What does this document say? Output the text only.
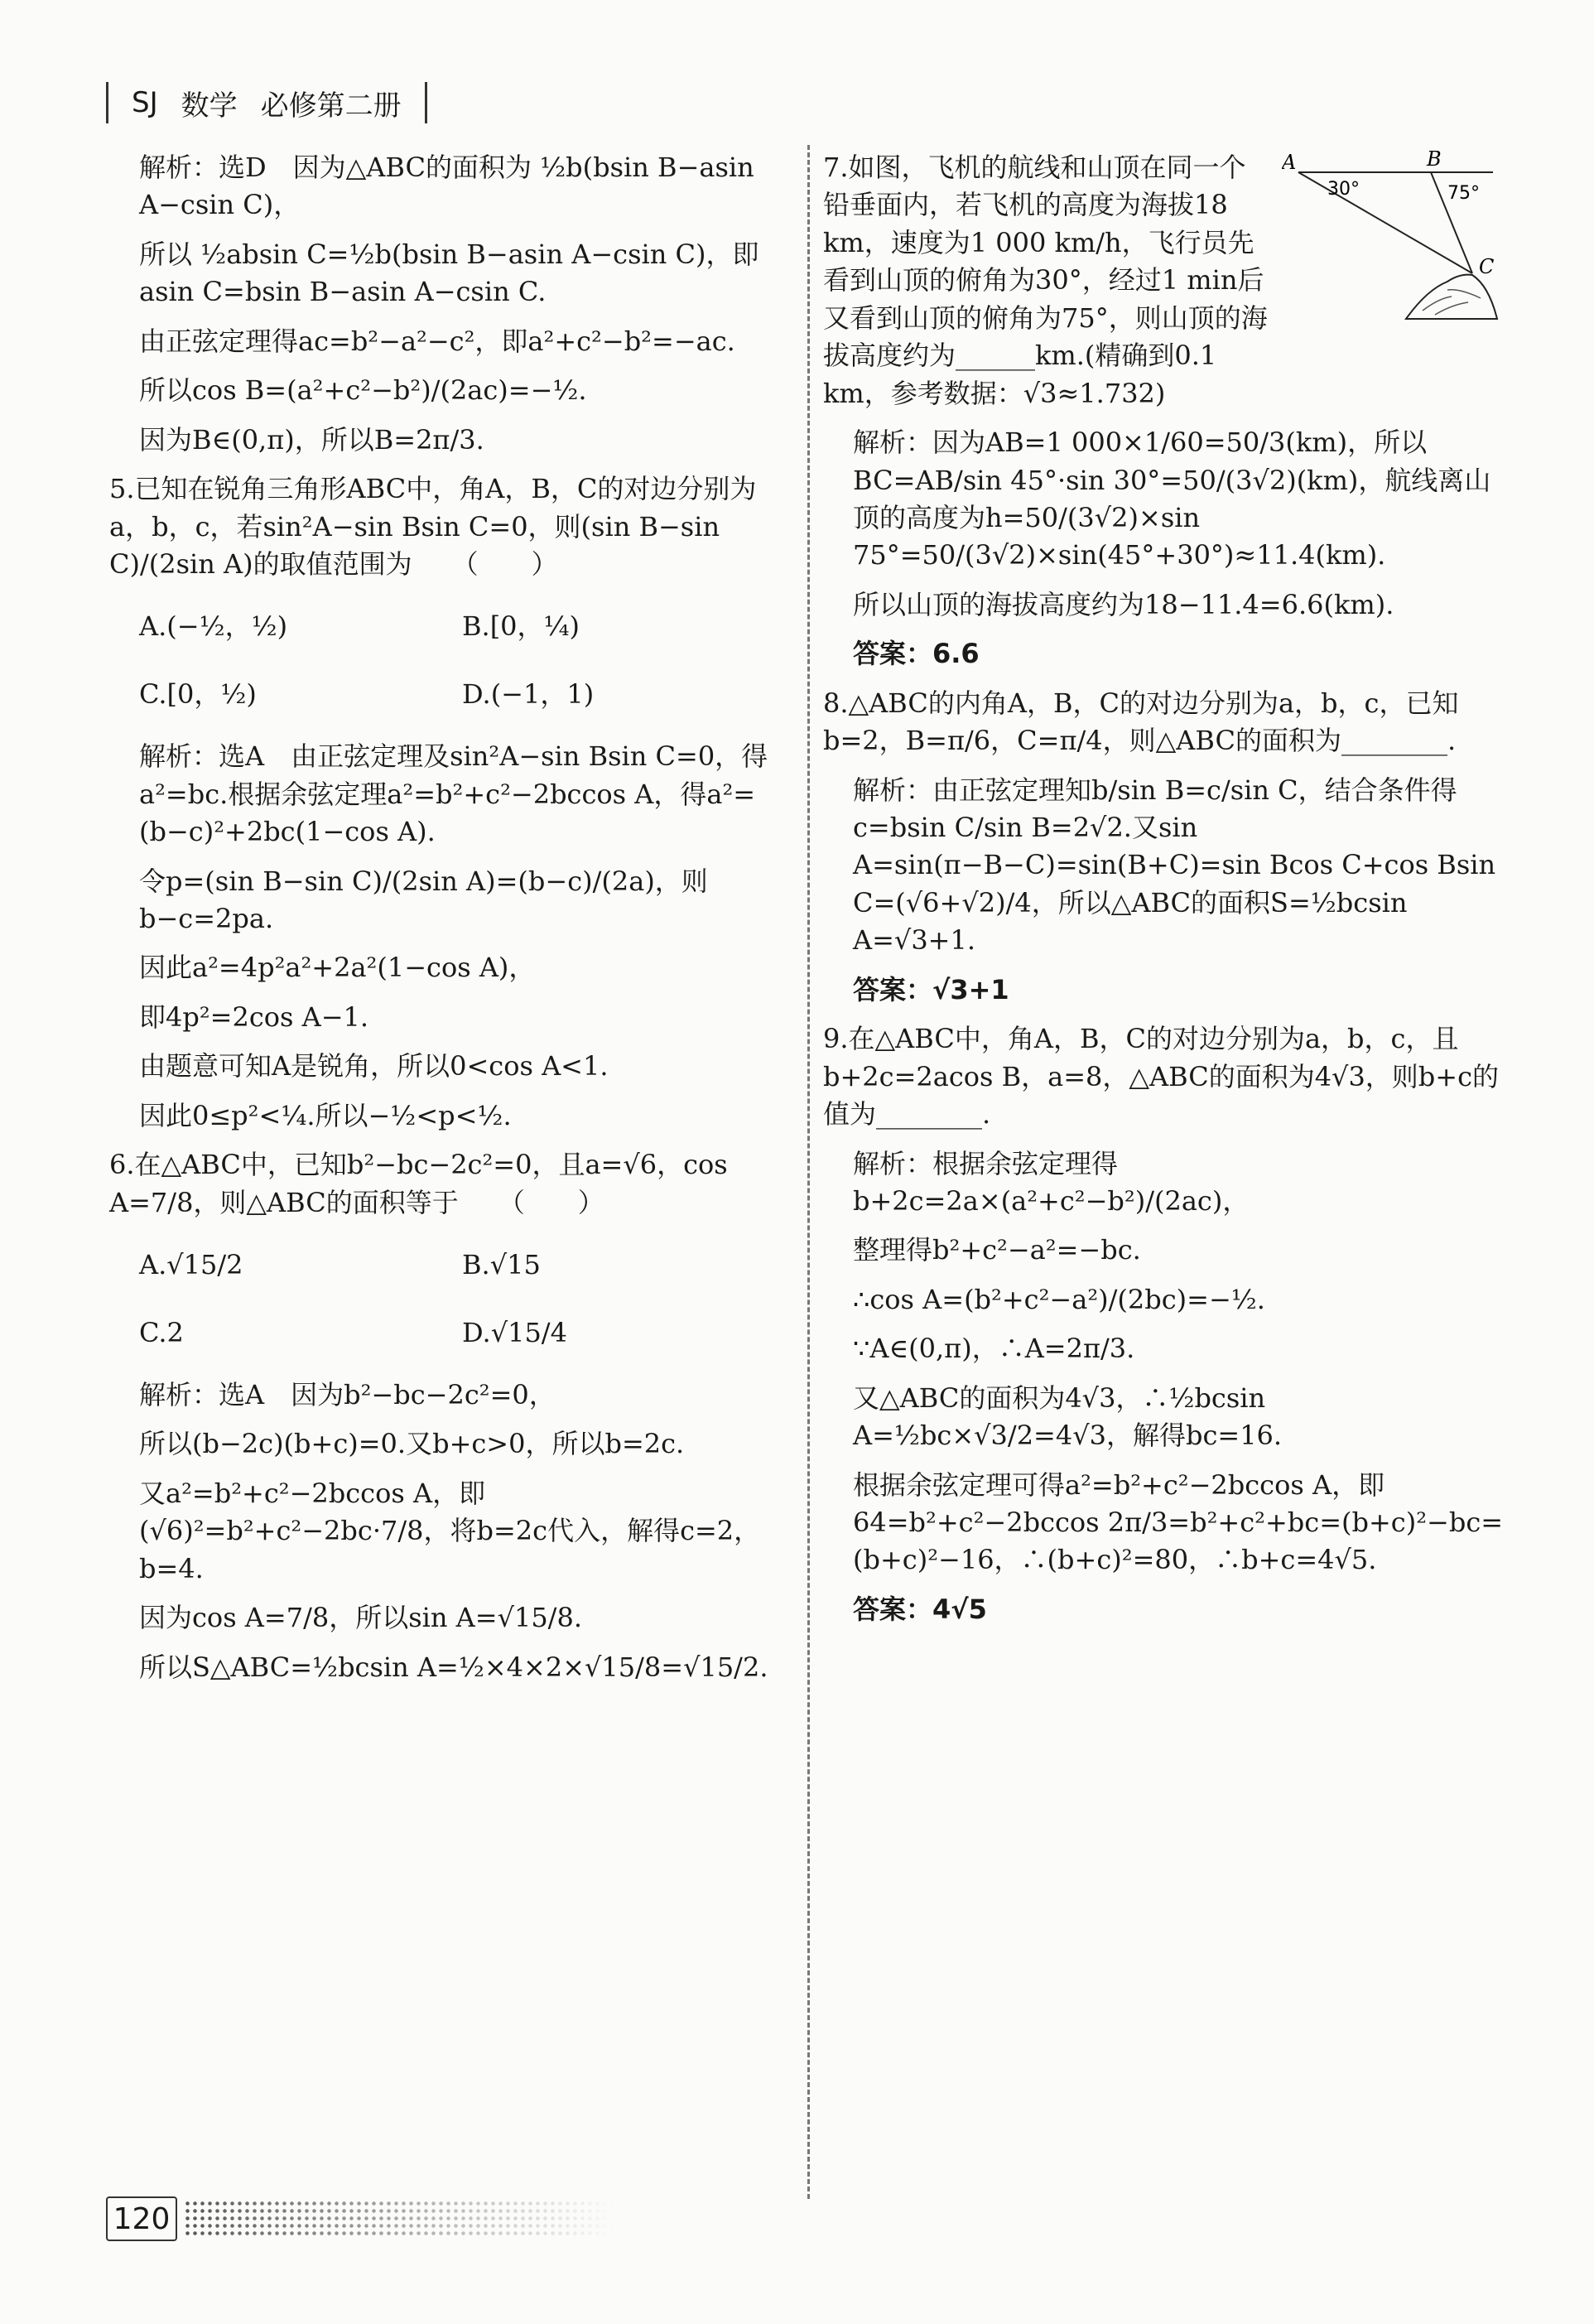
SJ 数学 必修第二册

解析：选D　因为△ABC的面积为 ½b(bsin B−asin A−csin C)，

所以 ½absin C=½b(bsin B−asin A−csin C)，即asin C=bsin B−asin A−csin C.

由正弦定理得ac=b²−a²−c²，即a²+c²−b²=−ac.

所以cos B=(a²+c²−b²)/(2ac)=−½.

因为B∈(0,π)，所以B=2π/3.

5.已知在锐角三角形ABC中，角A，B，C的对边分别为a，b，c，若sin²A−sin Bsin C=0，则(sin B−sin C)/(2sin A)的取值范围为　　（　　）

A.(−½，½)	B.[0，¼)
C.[0，½)	D.(−1，1)

解析：选A　由正弦定理及sin²A−sin Bsin C=0，得a²=bc.根据余弦定理a²=b²+c²−2bccos A，得a²=(b−c)²+2bc(1−cos A).

令p=(sin B−sin C)/(2sin A)=(b−c)/(2a)，则b−c=2pa.

因此a²=4p²a²+2a²(1−cos A)，

即4p²=2cos A−1.

由题意可知A是锐角，所以0<cos A<1.

因此0≤p²<¼.所以−½<p<½.

6.在△ABC中，已知b²−bc−2c²=0，且a=√6，cos A=7/8，则△ABC的面积等于　　（　　）

A.√15/2	B.√15
C.2	D.√15/4

解析：选A　因为b²−bc−2c²=0，

所以(b−2c)(b+c)=0.又b+c>0，所以b=2c.

又a²=b²+c²−2bccos A，即(√6)²=b²+c²−2bc·7/8，将b=2c代入，解得c=2，b=4.

因为cos A=7/8，所以sin A=√15/8.

所以S△ABC=½bcsin A=½×4×2×√15/8=√15/2.

A	B
C
30°	75°

7.如图，飞机的航线和山顶在同一个铅垂面内，若飞机的高度为海拔18 km，速度为1 000 km/h，飞行员先看到山顶的俯角为30°，经过1 min后又看到山顶的俯角为75°，则山顶的海拔高度约为______km.(精确到0.1 km，参考数据：√3≈1.732)

解析：因为AB=1 000×1/60=50/3(km)，所以BC=AB/sin 45°·sin 30°=50/(3√2)(km)，航线离山顶的高度为h=50/(3√2)×sin 75°=50/(3√2)×sin(45°+30°)≈11.4(km).

所以山顶的海拔高度约为18−11.4=6.6(km).

答案：6.6

8.△ABC的内角A，B，C的对边分别为a，b，c，已知b=2，B=π/6，C=π/4，则△ABC的面积为________.

解析：由正弦定理知b/sin B=c/sin C，结合条件得c=bsin C/sin B=2√2.又sin A=sin(π−B−C)=sin(B+C)=sin Bcos C+cos Bsin C=(√6+√2)/4，所以△ABC的面积S=½bcsin A=√3+1.

答案：√3+1

9.在△ABC中，角A，B，C的对边分别为a，b，c，且b+2c=2acos B，a=8，△ABC的面积为4√3，则b+c的值为________.

解析：根据余弦定理得b+2c=2a×(a²+c²−b²)/(2ac)，

整理得b²+c²−a²=−bc.

∴cos A=(b²+c²−a²)/(2bc)=−½.

∵A∈(0,π)，∴A=2π/3.

又△ABC的面积为4√3，∴½bcsin A=½bc×√3/2=4√3，解得bc=16.

根据余弦定理可得a²=b²+c²−2bccos A，即64=b²+c²−2bccos 2π/3=b²+c²+bc=(b+c)²−bc=(b+c)²−16，∴(b+c)²=80，∴b+c=4√5.

答案：4√5

120
